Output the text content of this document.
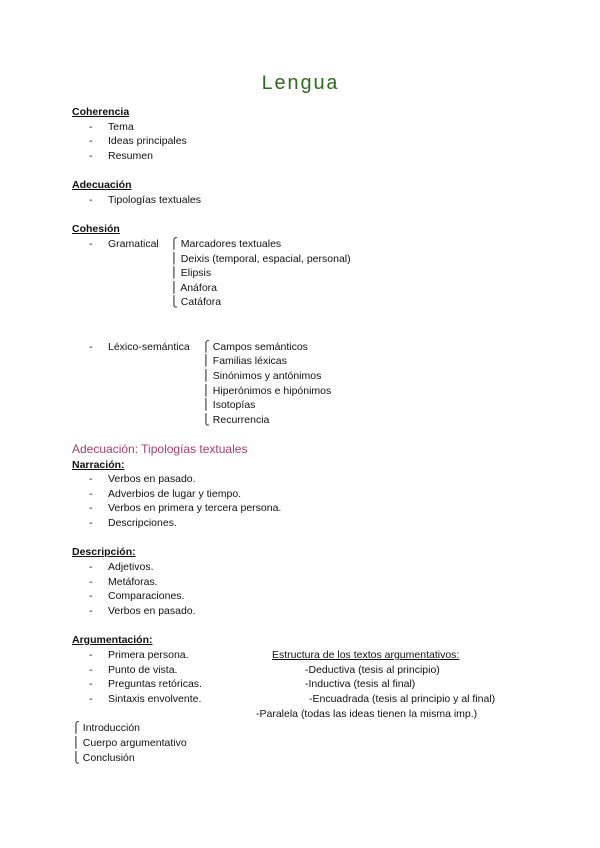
Lengua
Coherencia
- Tema
- Ideas principales
- Resumen
Adecuación
- Tipologías textuales
Cohesión
- Gramatical ⎧ Marcadores textuales
⎪ Deixis (temporal, espacial, personal)
⎪ Elipsis
⎪ Anáfora
⎩ Catáfora
- Léxico-semántica ⎧ Campos semánticos
⎪ Familias léxicas
⎪ Sinónimos y antónimos
⎪ Hiperónimos e hipónimos
⎪ Isotopías
⎩ Recurrencia
Adecuación: Tipologías textuales
Narración:
- Verbos en pasado.
- Adverbios de lugar y tiempo.
- Verbos en primera y tercera persona.
- Descripciones.
Descripción:
- Adjetivos.
- Metáforas.
- Comparaciones.
- Verbos en pasado.
Argumentación:
- Primera persona.
- Punto de vista.
- Preguntas retóricas.
- Sintaxis envolvente.
Estructura de los textos argumentativos:
-Deductiva (tesis al principio)
-Inductiva (tesis al final)
-Encuadrada (tesis al principio y al final)
-Paralela (todas las ideas tienen la misma imp.)
⎧ Introducción
⎪ Cuerpo argumentativo
⎩ Conclusión
